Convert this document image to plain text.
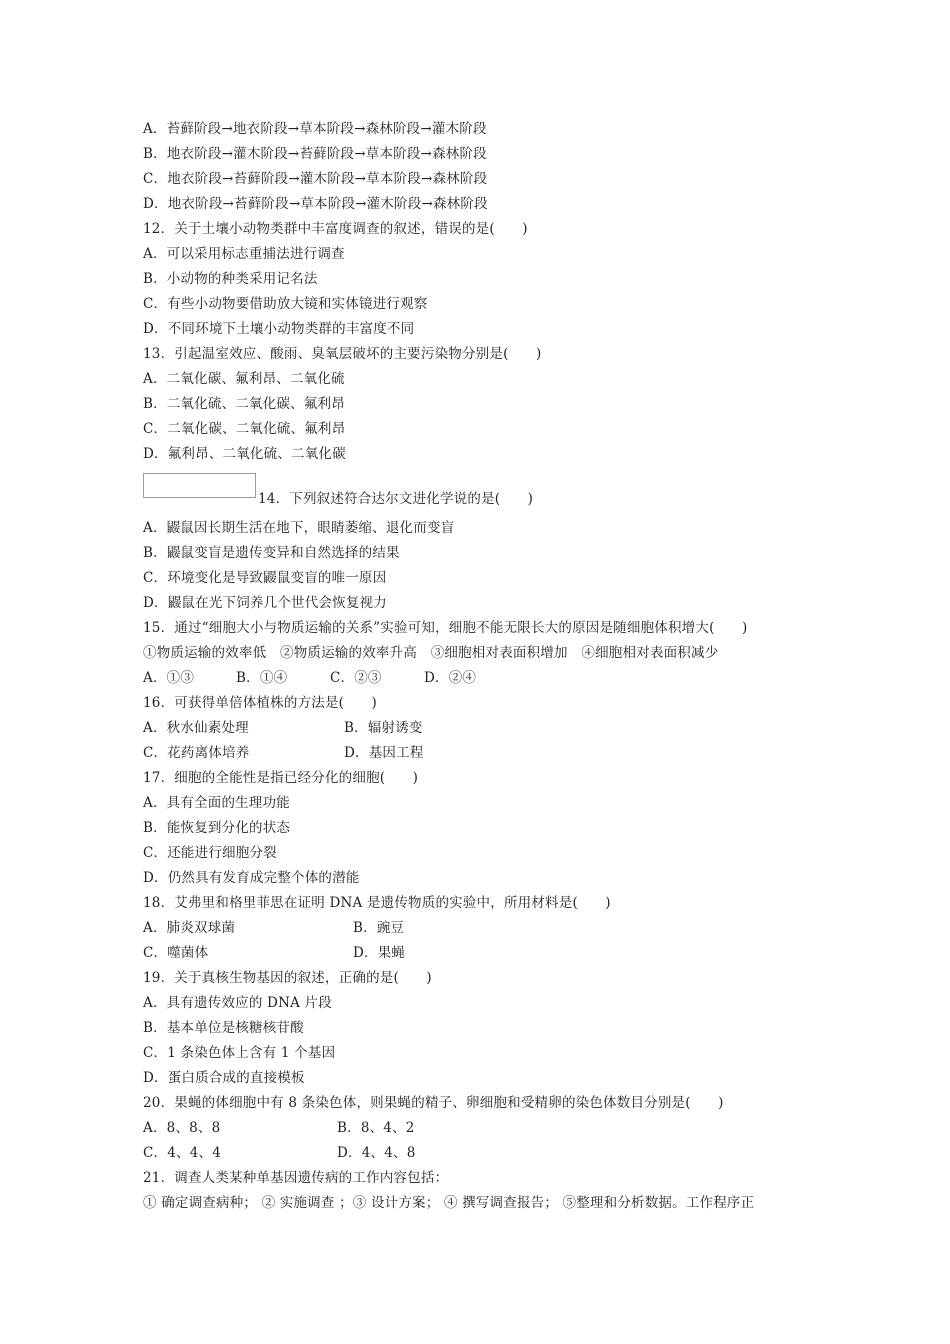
A．苔藓阶段→地衣阶段→草本阶段→森林阶段→灌木阶段
B．地衣阶段→灌木阶段→苔藓阶段→草本阶段→森林阶段
C．地衣阶段→苔藓阶段→灌木阶段→草本阶段→森林阶段
D．地衣阶段→苔藓阶段→草本阶段→灌木阶段→森林阶段
12．关于土壤小动物类群中丰富度调查的叙述，错误的是(　　)
A．可以采用标志重捕法进行调查
B．小动物的种类采用记名法
C．有些小动物要借助放大镜和实体镜进行观察
D．不同环境下土壤小动物类群的丰富度不同
13．引起温室效应、酸雨、臭氧层破坏的主要污染物分别是(　　)
A．二氧化碳、氟利昂、二氧化硫
B．二氧化硫、二氧化碳、氟利昂
C．二氧化碳、二氧化硫、氟利昂
D．氟利昂、二氧化硫、二氧化碳
14．下列叙述符合达尔文进化学说的是(　　)
A．鼹鼠因长期生活在地下，眼睛萎缩、退化而变盲
B．鼹鼠变盲是遗传变异和自然选择的结果
C．环境变化是导致鼹鼠变盲的唯一原因
D．鼹鼠在光下饲养几个世代会恢复视力
15．通过“细胞大小与物质运输的关系”实验可知，细胞不能无限长大的原因是随细胞体积增大(　　)
①物质运输的效率低　②物质运输的效率升高　③细胞相对表面积增加　④细胞相对表面积减少
A．①③	B．①④	C．②③	D．②④
16．可获得单倍体植株的方法是(　　)
A．秋水仙素处理	B．辐射诱变
C．花药离体培养	D．基因工程
17．细胞的全能性是指已经分化的细胞(　　)
A．具有全面的生理功能
B．能恢复到分化的状态
C．还能进行细胞分裂
D．仍然具有发育成完整个体的潜能
18．艾弗里和格里菲思在证明 DNA 是遗传物质的实验中，所用材料是(　　)
A．肺炎双球菌	B．豌豆
C．噬菌体	D．果蝇
19．关于真核生物基因的叙述，正确的是(　　)
A．具有遗传效应的 DNA 片段
B．基本单位是核糖核苷酸
C．1 条染色体上含有 1 个基因
D．蛋白质合成的直接模板
20．果蝇的体细胞中有 8 条染色体，则果蝇的精子、卵细胞和受精卵的染色体数目分别是(　　)
A．8、8、8	B．8、4、2
C．4、4、4	D．4、4、8
21．调查人类某种单基因遗传病的工作内容包括：
① 确定调查病种； ② 实施调查 ；③ 设计方案； ④ 撰写调查报告； ⑤整理和分析数据。工作程序正
